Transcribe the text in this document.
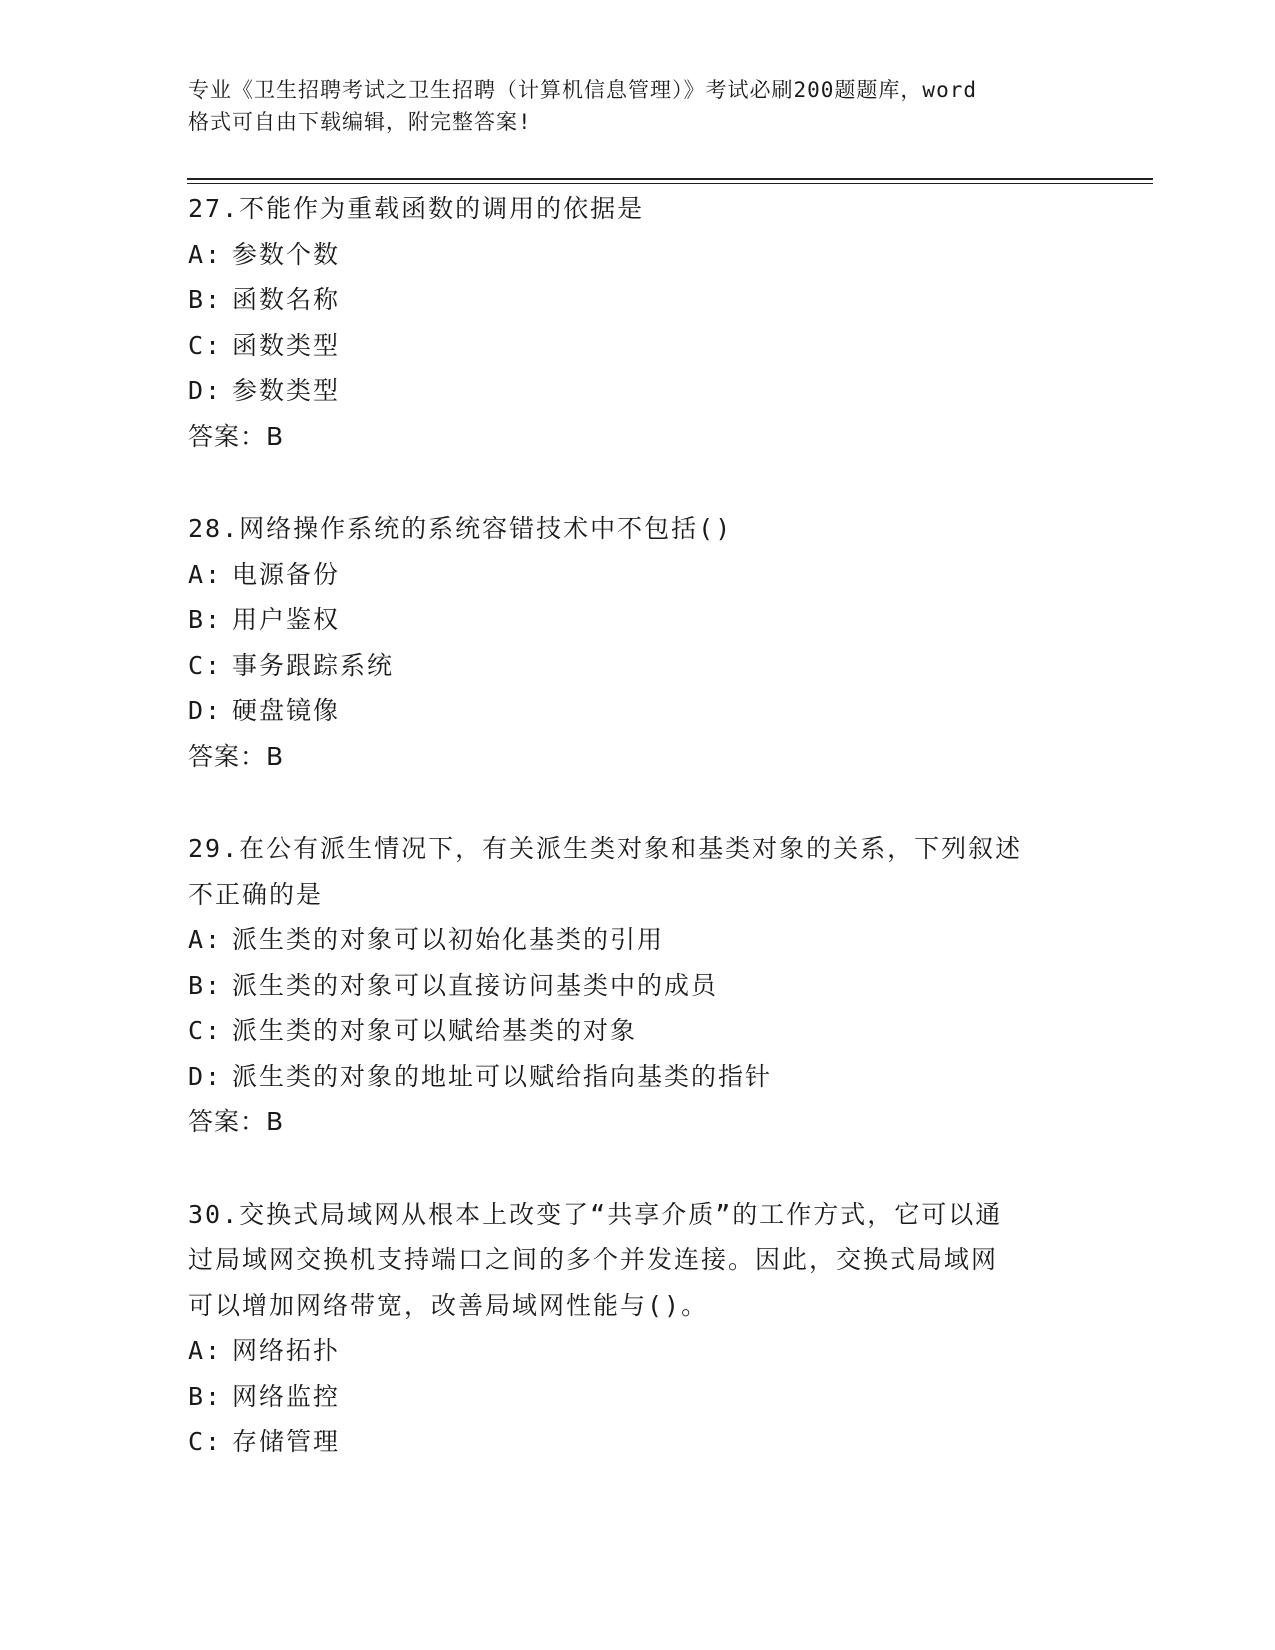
专业《卫生招聘考试之卫生招聘（计算机信息管理）》考试必刷200题题库，word
格式可自由下载编辑，附完整答案!
27.不能作为重载函数的调用的依据是
A: 参数个数
B: 函数名称
C: 函数类型
D: 参数类型
答案：B
28.网络操作系统的系统容错技术中不包括()
A: 电源备份
B: 用户鉴权
C: 事务跟踪系统
D: 硬盘镜像
答案：B
29.在公有派生情况下，有关派生类对象和基类对象的关系，下列叙述
不正确的是
A: 派生类的对象可以初始化基类的引用
B: 派生类的对象可以直接访问基类中的成员
C: 派生类的对象可以赋给基类的对象
D: 派生类的对象的地址可以赋给指向基类的指针
答案：B
30.交换式局域网从根本上改变了“共享介质”的工作方式，它可以通
过局域网交换机支持端口之间的多个并发连接。因此，交换式局域网
可以增加网络带宽，改善局域网性能与()。
A: 网络拓扑
B: 网络监控
C: 存储管理
